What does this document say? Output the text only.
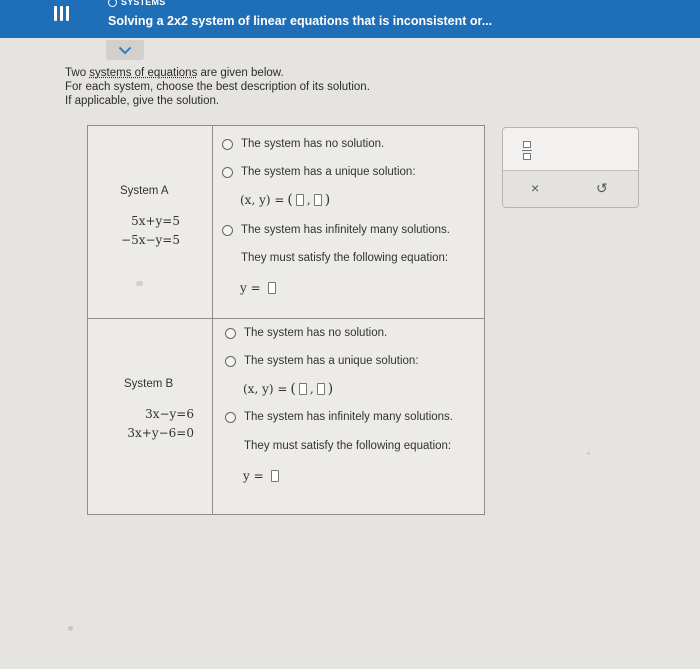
SYSTEMS
Solving a 2x2 system of linear equations that is inconsistent or...
Two systems of equations are given below.
For each system, choose the best description of its solution.
If applicable, give the solution.
System A
5x+y=5
−5x−y=5
The system has no solution.
The system has a unique solution:
(x, y) = ( , )
The system has infinitely many solutions.
They must satisfy the following equation:
y =
System B
3x−y=6
3x+y−6=0
The system has no solution.
The system has a unique solution:
(x, y) = ( , )
The system has infinitely many solutions.
They must satisfy the following equation:
y =
×	↺
